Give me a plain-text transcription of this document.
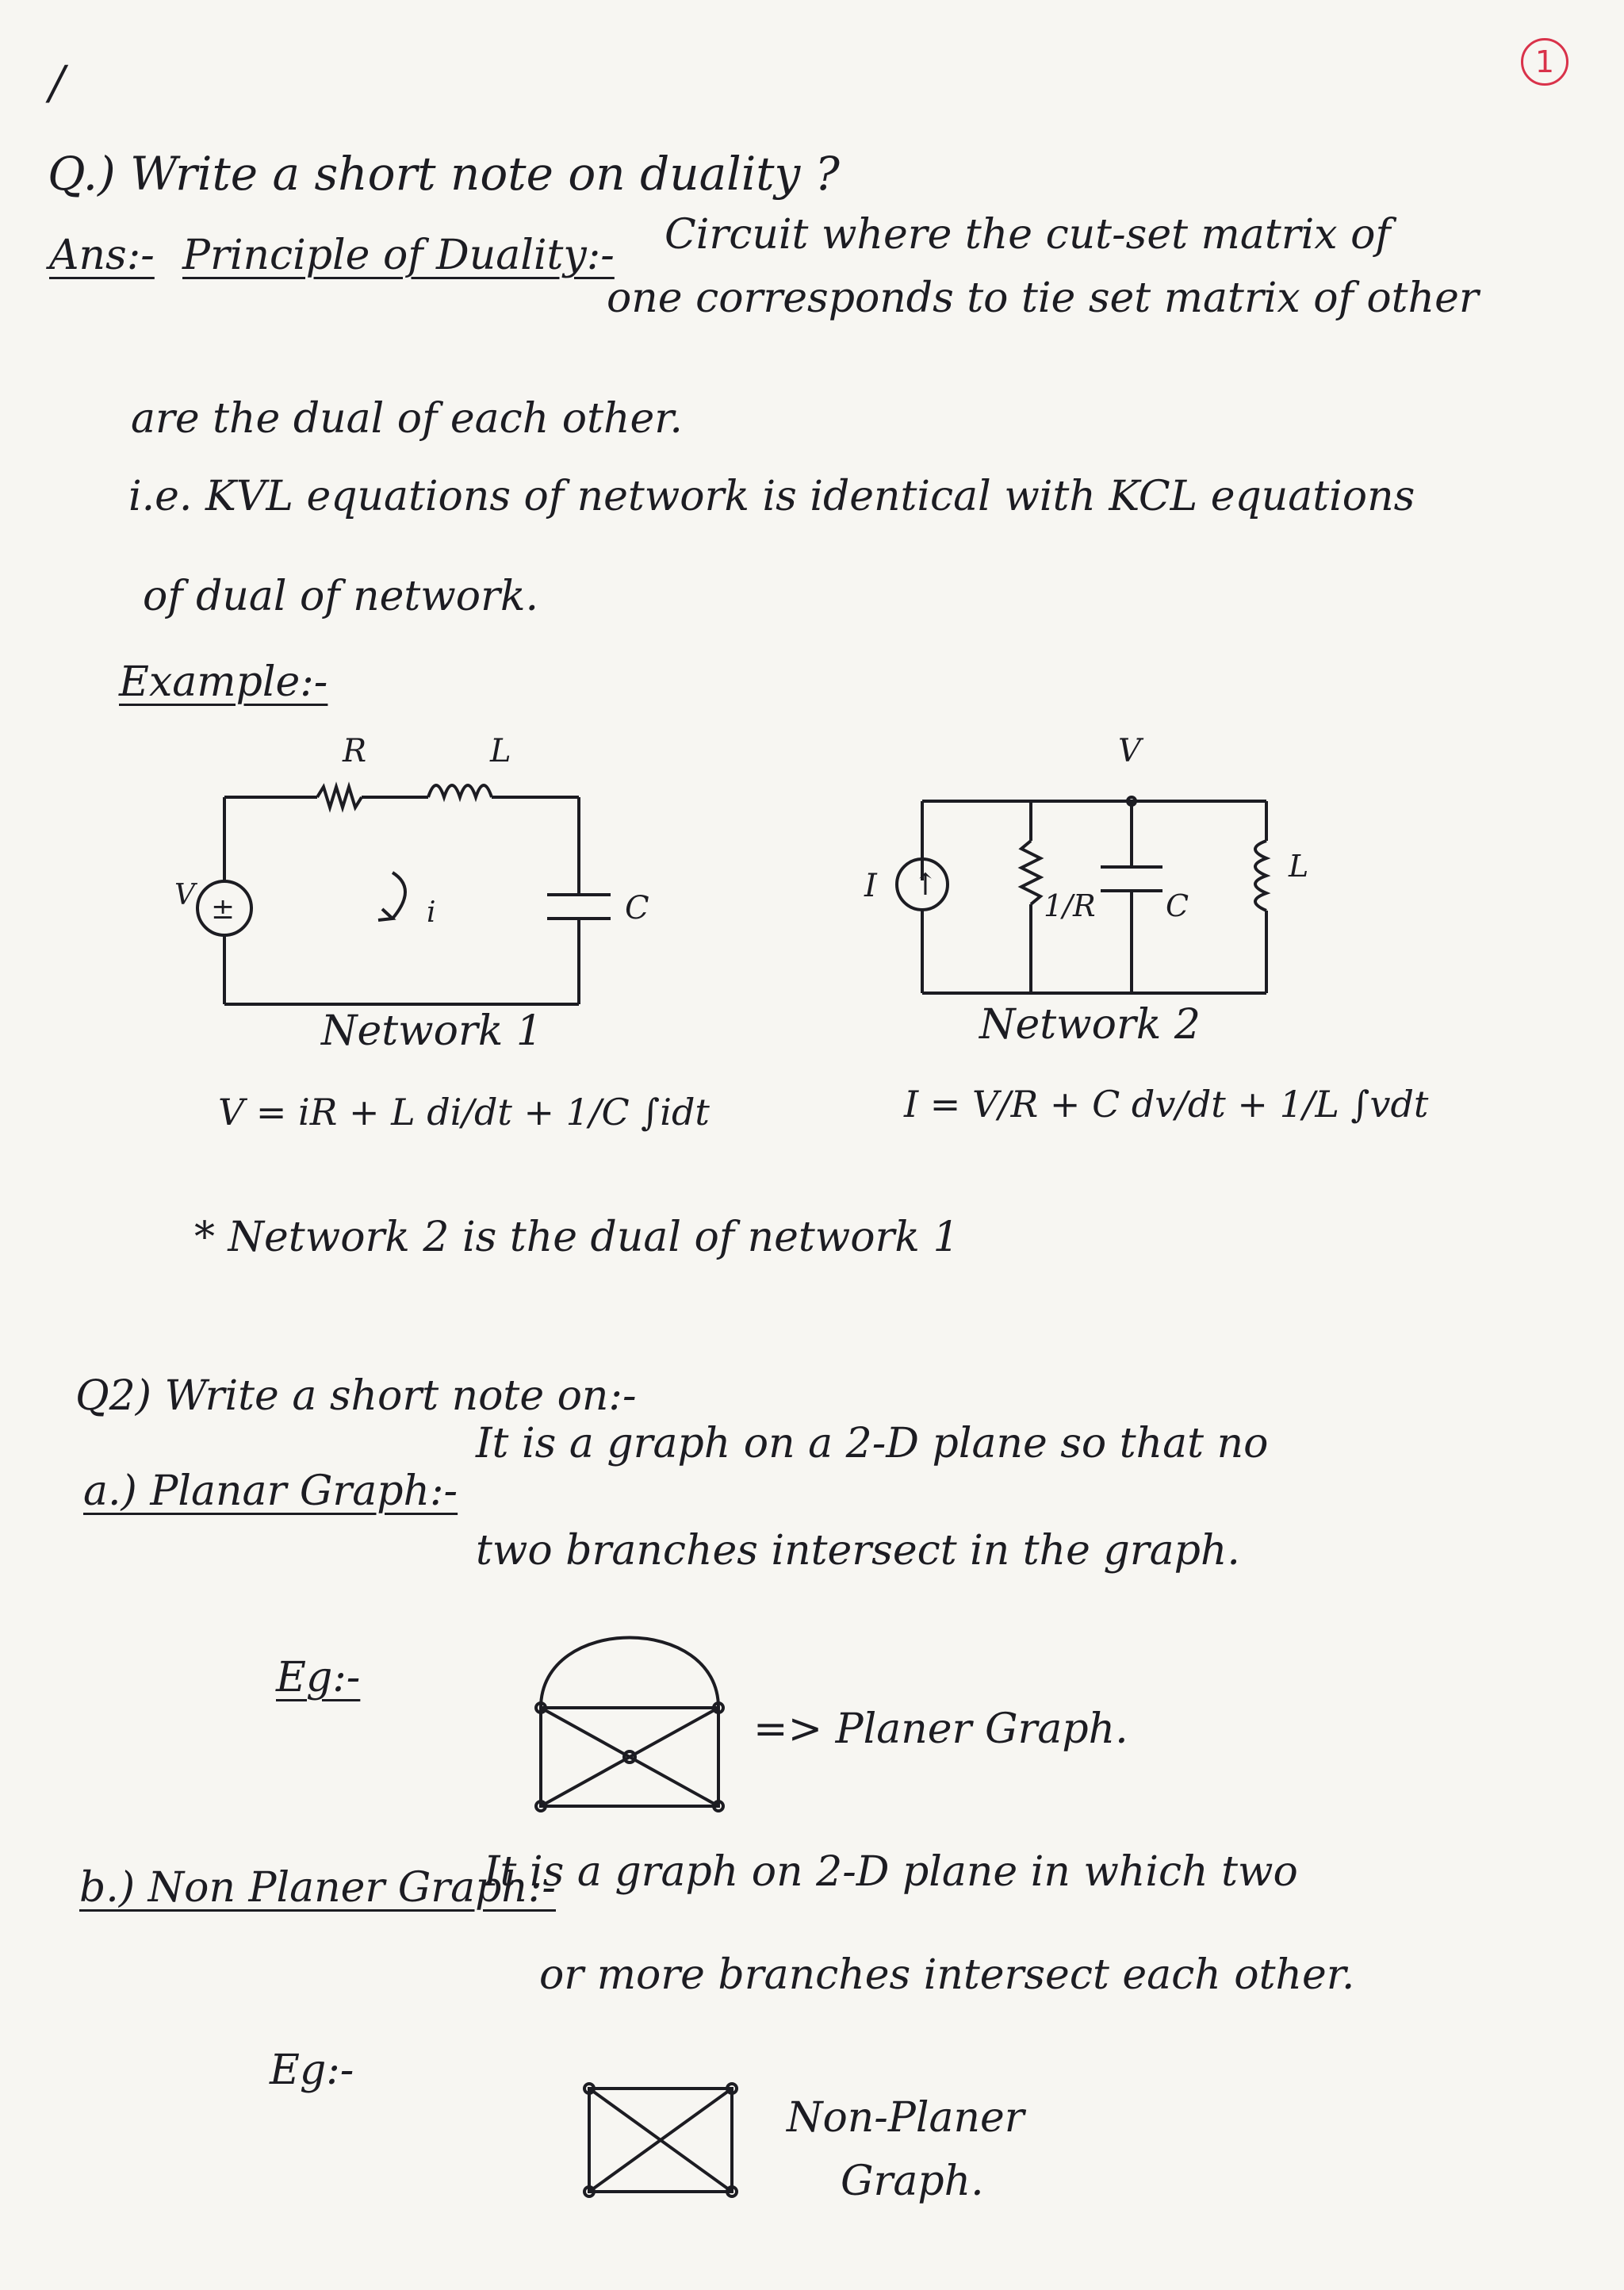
1
/
Q.) Write a short note on duality ?
Ans:- Principle of Duality:- Circuit where the cut-set matrix of
one corresponds to tie set matrix of other
are the dual of each other.
i.e. KVL equations of network is identical with KCL equations
of dual of network.
Example:-
R	L
C
V ±	i
Network 1
V = iR + L di/dt + 1/C ∫idt
V
I ↑
1/R C
L
Network 2
I = V/R + C dv/dt + 1/L ∫vdt
* Network 2 is the dual of network 1
Q2) Write a short note on:-
a.) Planar Graph:-
It is a graph on a 2-D plane so that no
two branches intersect in the graph.
Eg:-
=> Planer Graph.
b.) Non Planer Graph:-
It is a graph on 2-D plane in which two
or more branches intersect each other.
Eg:-
Non-Planer
Graph.
